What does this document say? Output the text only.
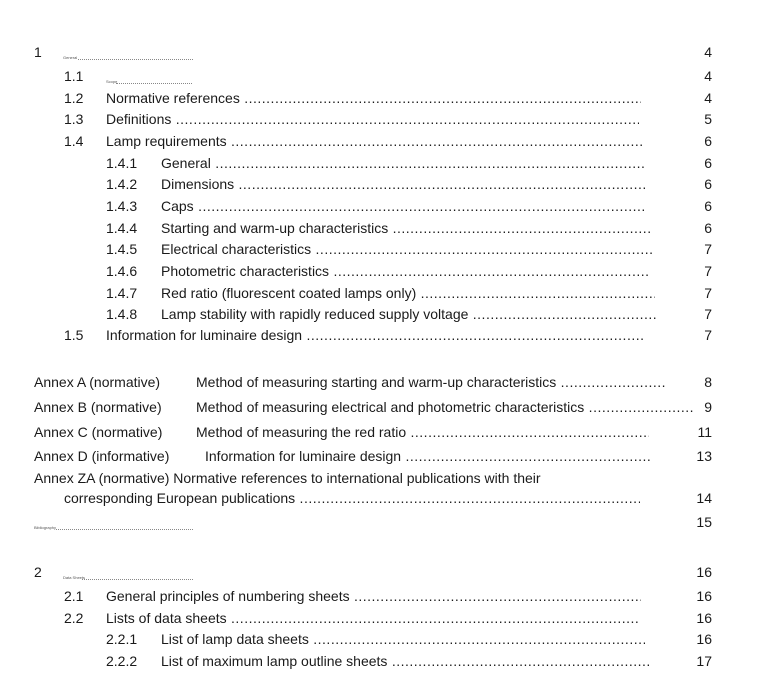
1	General	4
1.1	Scope	4
1.2 Normative references .....	4
1.3 Definitions .....	5
1.4 Lamp requirements .....	6
1.4.1 General .....	6
1.4.2 Dimensions .....	6
1.4.3 Caps .....	6
1.4.4 Starting and warm-up characteristics .....	6
1.4.5 Electrical characteristics .....	7
1.4.6 Photometric characteristics .....	7
1.4.7 Red ratio (fluorescent coated lamps only) .....	7
1.4.8 Lamp stability with rapidly reduced supply voltage .....	7
1.5 Information for luminaire design .....	7
Annex A (normative)	Method of measuring starting and warm-up characteristics .....	8
Annex B (normative) Method of measuring electrical and photometric characteristics .....	9
Annex C (normative) Method of measuring the red ratio .....	11
Annex D (informative)	Information for luminaire design .....	13
Annex ZA (normative) Normative references to international publications with their
corresponding European publications .....	14
Bibliography	15
2	Data Sheets	16
2.1 General principles of numbering sheets .....	16
2.2 Lists of data sheets .....	16
2.2.1 List of lamp data sheets .....	16
2.2.2 List of maximum lamp outline sheets .....	17
